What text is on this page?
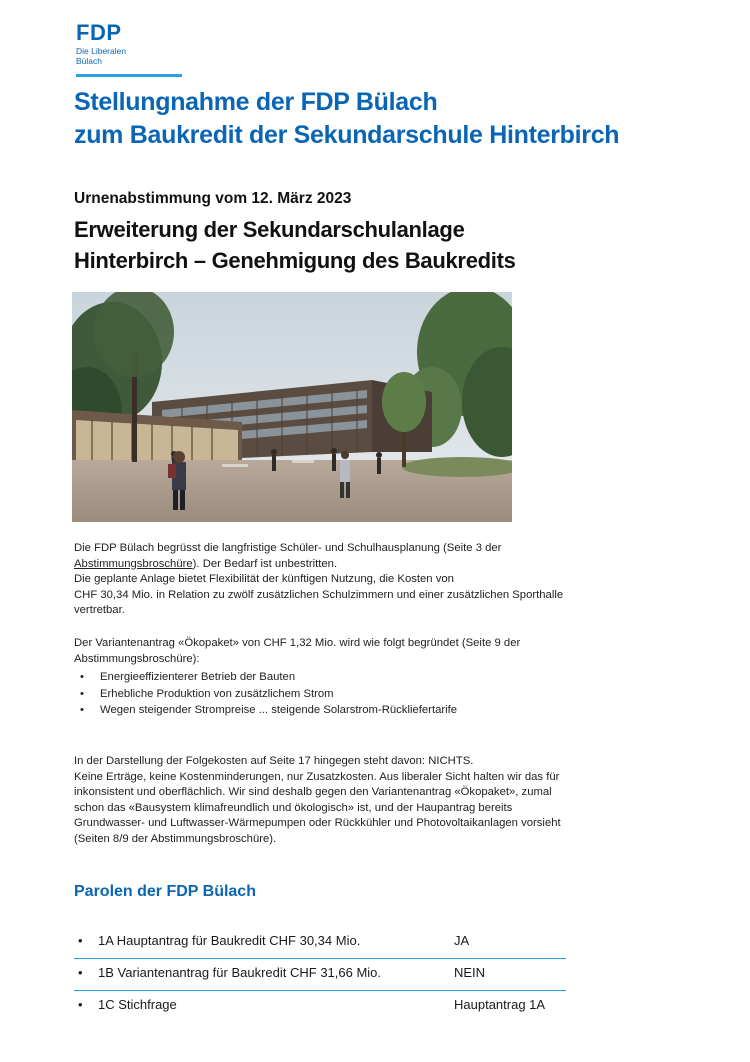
FDP
Die Liberalen
Bülach
Stellungnahme der FDP Bülach
zum Baukredit der Sekundarschule Hinterbirch

Urnenabstimmung vom 12. März 2023

Erweiterung der Sekundarschulanlage
Hinterbirch – Genehmigung des Baukredits

Die FDP Bülach begrüsst die langfristige Schüler- und Schulhausplanung (Seite 3 der
Abstimmungsbroschüre). Der Bedarf ist unbestritten.
Die geplante Anlage bietet Flexibilität der künftigen Nutzung, die Kosten von
CHF 30,34 Mio. in Relation zu zwölf zusätzlichen Schulzimmern und einer zusätzlichen Sporthalle
vertretbar.

Der Variantenantrag «Ökopaket» von CHF 1,32 Mio. wird wie folgt begründet (Seite 9 der
Abstimmungsbroschüre):

• Energieeffizienterer Betrieb der Bauten
• Erhebliche Produktion von zusätzlichem Strom
• Wegen steigender Strompreise ... steigende Solarstrom-Rückliefertarife

In der Darstellung der Folgekosten auf Seite 17 hingegen steht davon: NICHTS.
Keine Erträge, keine Kostenminderungen, nur Zusatzkosten. Aus liberaler Sicht halten wir das für
inkonsistent und oberflächlich. Wir sind deshalb gegen den Variantenantrag «Ökopaket», zumal
schon das «Bausystem klimafreundlich und ökologisch» ist, und der Haupantrag bereits
Grundwasser- und Luftwasser-Wärmepumpen oder Rückkühler und Photovoltaikanlagen vorsieht
(Seiten 8/9 der Abstimmungsbroschüre).

Parolen der FDP Bülach
• 1A Hauptantrag für Baukredit CHF 30,34 Mio.	JA
• 1B Variantenantrag für Baukredit CHF 31,66 Mio.	NEIN
• 1C Stichfrage	Hauptantrag 1A
